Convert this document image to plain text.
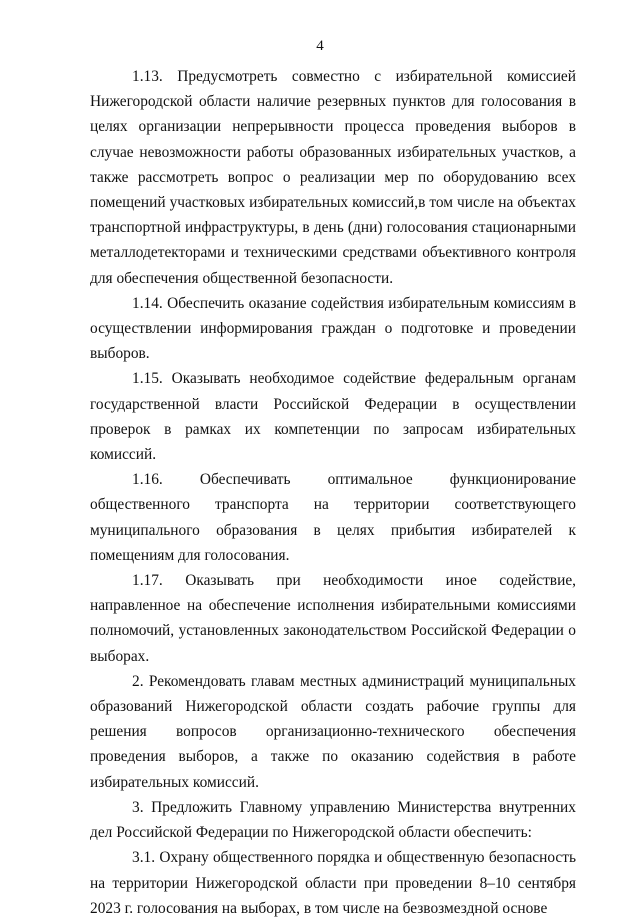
4

1.13. Предусмотреть совместно с избирательной комиссией Нижегородской области наличие резервных пунктов для голосования в целях организации непрерывности процесса проведения выборов в случае невозможности работы образованных избирательных участков, а также рассмотреть вопрос о реализации мер по оборудованию всех помещений участковых избирательных комиссий,в том числе на объектах транспортной инфраструктуры, в день (дни) голосования стационарными металлодетекторами и техническими средствами объективного контроля для обеспечения общественной безопасности.

1.14. Обеспечить оказание содействия избирательным комиссиям в осуществлении информирования граждан о подготовке и проведении выборов.

1.15. Оказывать необходимое содействие федеральным органам государственной власти Российской Федерации в осуществлении проверок в рамках их компетенции по запросам избирательных комиссий.

1.16. Обеспечивать оптимальное функционирование общественного транспорта на территории соответствующего муниципального образования в целях прибытия избирателей к помещениям для голосования.

1.17. Оказывать при необходимости иное содействие, направленное на обеспечение исполнения избирательными комиссиями полномочий, установленных законодательством Российской Федерации о выборах.

2. Рекомендовать главам местных администраций муниципальных образований Нижегородской области создать рабочие группы для решения вопросов организационно-технического обеспечения проведения выборов, а также по оказанию содействия в работе избирательных комиссий.

3. Предложить Главному управлению Министерства внутренних дел Российской Федерации по Нижегородской области обеспечить:

3.1. Охрану общественного порядка и общественную безопасность на территории Нижегородской области при проведении 8–10 сентября 2023 г. голосования на выборах, в том числе на безвозмездной основе
